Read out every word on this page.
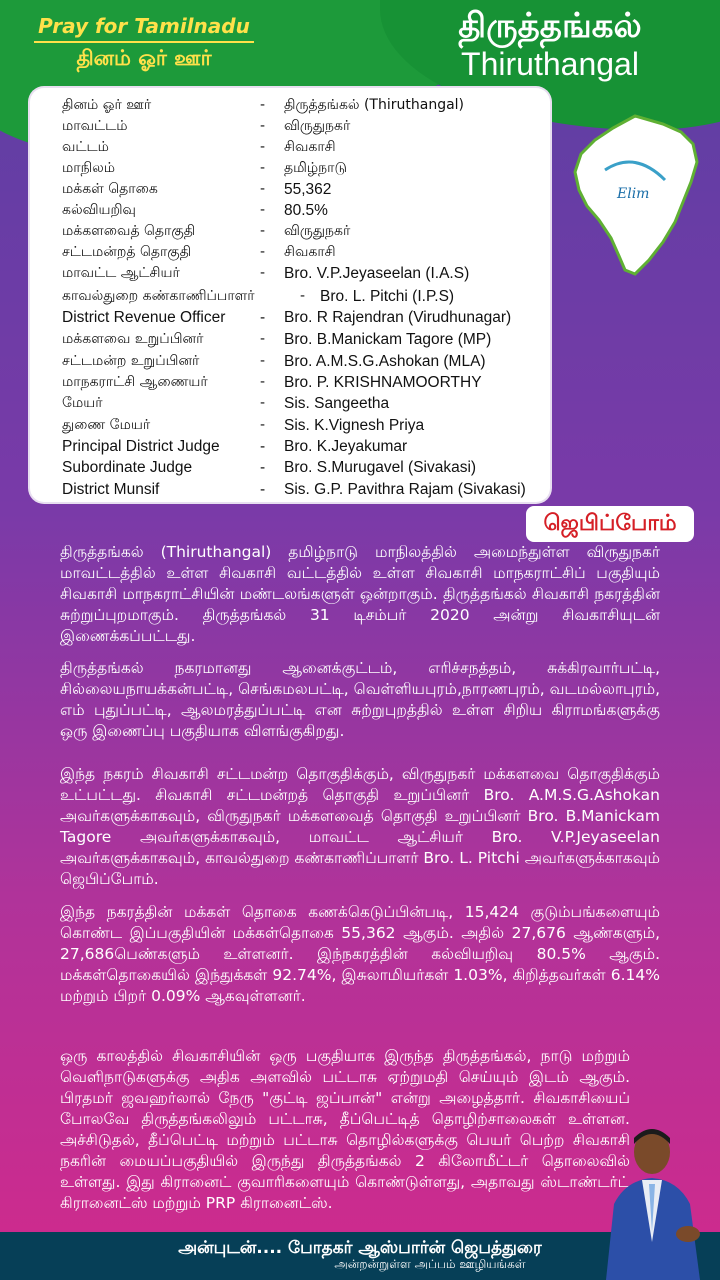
Pray for Tamilnadu
தினம் ஓர் ஊர்
திருத்தங்கல்
Thiruthangal
தினம் ஓர் ஊர்	- திருத்தங்கல் (Thiruthangal)
மாவட்டம்	- விருதுநகர்
வட்டம்	- சிவகாசி
மாநிலம்	- தமிழ்நாடு
மக்கள் தொகை	- 55,362
கல்வியறிவு	- 80.5%
மக்களவைத் தொகுதி	- விருதுநகர்
சட்டமன்றத் தொகுதி	- சிவகாசி
மாவட்ட ஆட்சியர்	- Bro. V.P.Jeyaseelan (I.A.S)
காவல்துறை கண்காணிப்பாளர்	- Bro. L. Pitchi (I.P.S)
District Revenue Officer - Bro. R Rajendran (Virudhunagar)
மக்களவை உறுப்பினர்	- Bro. B.Manickam Tagore (MP)
சட்டமன்ற உறுப்பினர்	- Bro. A.M.S.G.Ashokan (MLA)
மாநகராட்சி ஆணையர்	- Bro. P. KRISHNAMOORTHY
மேயர்	- Sis. Sangeetha
துணை மேயர்	- Sis. K.Vignesh Priya
Principal District Judge	- Bro. K.Jeyakumar
Subordinate Judge	- Bro. S.Murugavel (Sivakasi)
District Munsif	- Sis. G.P. Pavithra Rajam (Sivakasi)
Elim
ஜெபிப்போம்
திருத்தங்கல் (Thiruthangal) தமிழ்நாடு மாநிலத்தில் அமைந்துள்ள விருதுநகர் மாவட்டத்தில் உள்ள சிவகாசி வட்டத்தில் உள்ள சிவகாசி மாநகராட்சிப் பகுதியும் சிவகாசி மாநகராட்சியின் மண்டலங்களுள் ஒன்றாகும். திருத்தங்கல் சிவகாசி நகரத்தின் சுற்றுப்புறமாகும். திருத்தங்கல் 31 டிசம்பர் 2020 அன்று சிவகாசியுடன் இணைக்கப்பட்டது.
திருத்தங்கல் நகரமானது ஆனைக்குட்டம், எரிச்சநத்தம், சுக்கிரவார்பட்டி, சில்லையநாயக்கன்பட்டி, செங்கமலபட்டி, வெள்ளியபுரம்,நாரணபுரம், வடமல்லாபுரம், எம் புதுப்பட்டி, ஆலமரத்துப்பட்டி என சுற்றுபுறத்தில் உள்ள சிறிய கிராமங்களுக்கு ஒரு இணைப்பு பகுதியாக விளங்குகிறது.
இந்த நகரம் சிவகாசி சட்டமன்ற தொகுதிக்கும், விருதுநகர் மக்களவை தொகுதிக்கும் உட்பட்டது. சிவகாசி சட்டமன்றத் தொகுதி உறுப்பினர் Bro. A.M.S.G.Ashokan அவர்களுக்காகவும், விருதுநகர் மக்களவைத் தொகுதி உறுப்பினர் Bro. B.Manickam Tagore அவர்களுக்காகவும், மாவட்ட ஆட்சியர் Bro. V.P.Jeyaseelan அவர்களுக்காகவும், காவல்துறை கண்காணிப்பாளர் Bro. L. Pitchi அவர்களுக்காகவும் ஜெபிப்போம்.
இந்த நகரத்தின் மக்கள் தொகை கணக்கெடுப்பின்படி, 15,424 குடும்பங்களையும் கொண்ட இப்பகுதியின் மக்கள்தொகை 55,362 ஆகும். அதில் 27,676 ஆண்களும், 27,686பெண்களும் உள்ளனர். இந்நகரத்தின் கல்வியறிவு 80.5% ஆகும். மக்கள்தொகையில் இந்துக்கள் 92.74%, இசுலாமியர்கள் 1.03%, கிறித்தவர்கள் 6.14% மற்றும் பிறர் 0.09% ஆகவுள்ளனர்.
ஒரு காலத்தில் சிவகாசியின் ஒரு பகுதியாக இருந்த திருத்தங்கல், நாடு மற்றும் வெளிநாடுகளுக்கு அதிக அளவில் பட்டாசு ஏற்றுமதி செய்யும் இடம் ஆகும். பிரதமர் ஜவஹர்லால் நேரு "குட்டி ஜப்பான்" என்று அழைத்தார். சிவகாசியைப் போலவே திருத்தங்கலிலும் பட்டாசு, தீப்பெட்டித் தொழிற்சாலைகள் உள்ளன. அச்சிடுதல், தீப்பெட்டி மற்றும் பட்டாசு தொழில்களுக்கு பெயர் பெற்ற சிவகாசி நகரின் மையப்பகுதியில் இருந்து திருத்தங்கல் 2 கிலோமீட்டர் தொலைவில் உள்ளது. இது கிரானைட் குவாரிகளையும் கொண்டுள்ளது, அதாவது ஸ்டாண்டர்ட் கிரானைட்ஸ் மற்றும் PRP கிரானைட்ஸ்.
அன்புடன்.... போதகர் ஆஸ்பார்ன் ஜெபத்துரை
அன்றன்றுள்ள அப்பம் ஊழியங்கள்
